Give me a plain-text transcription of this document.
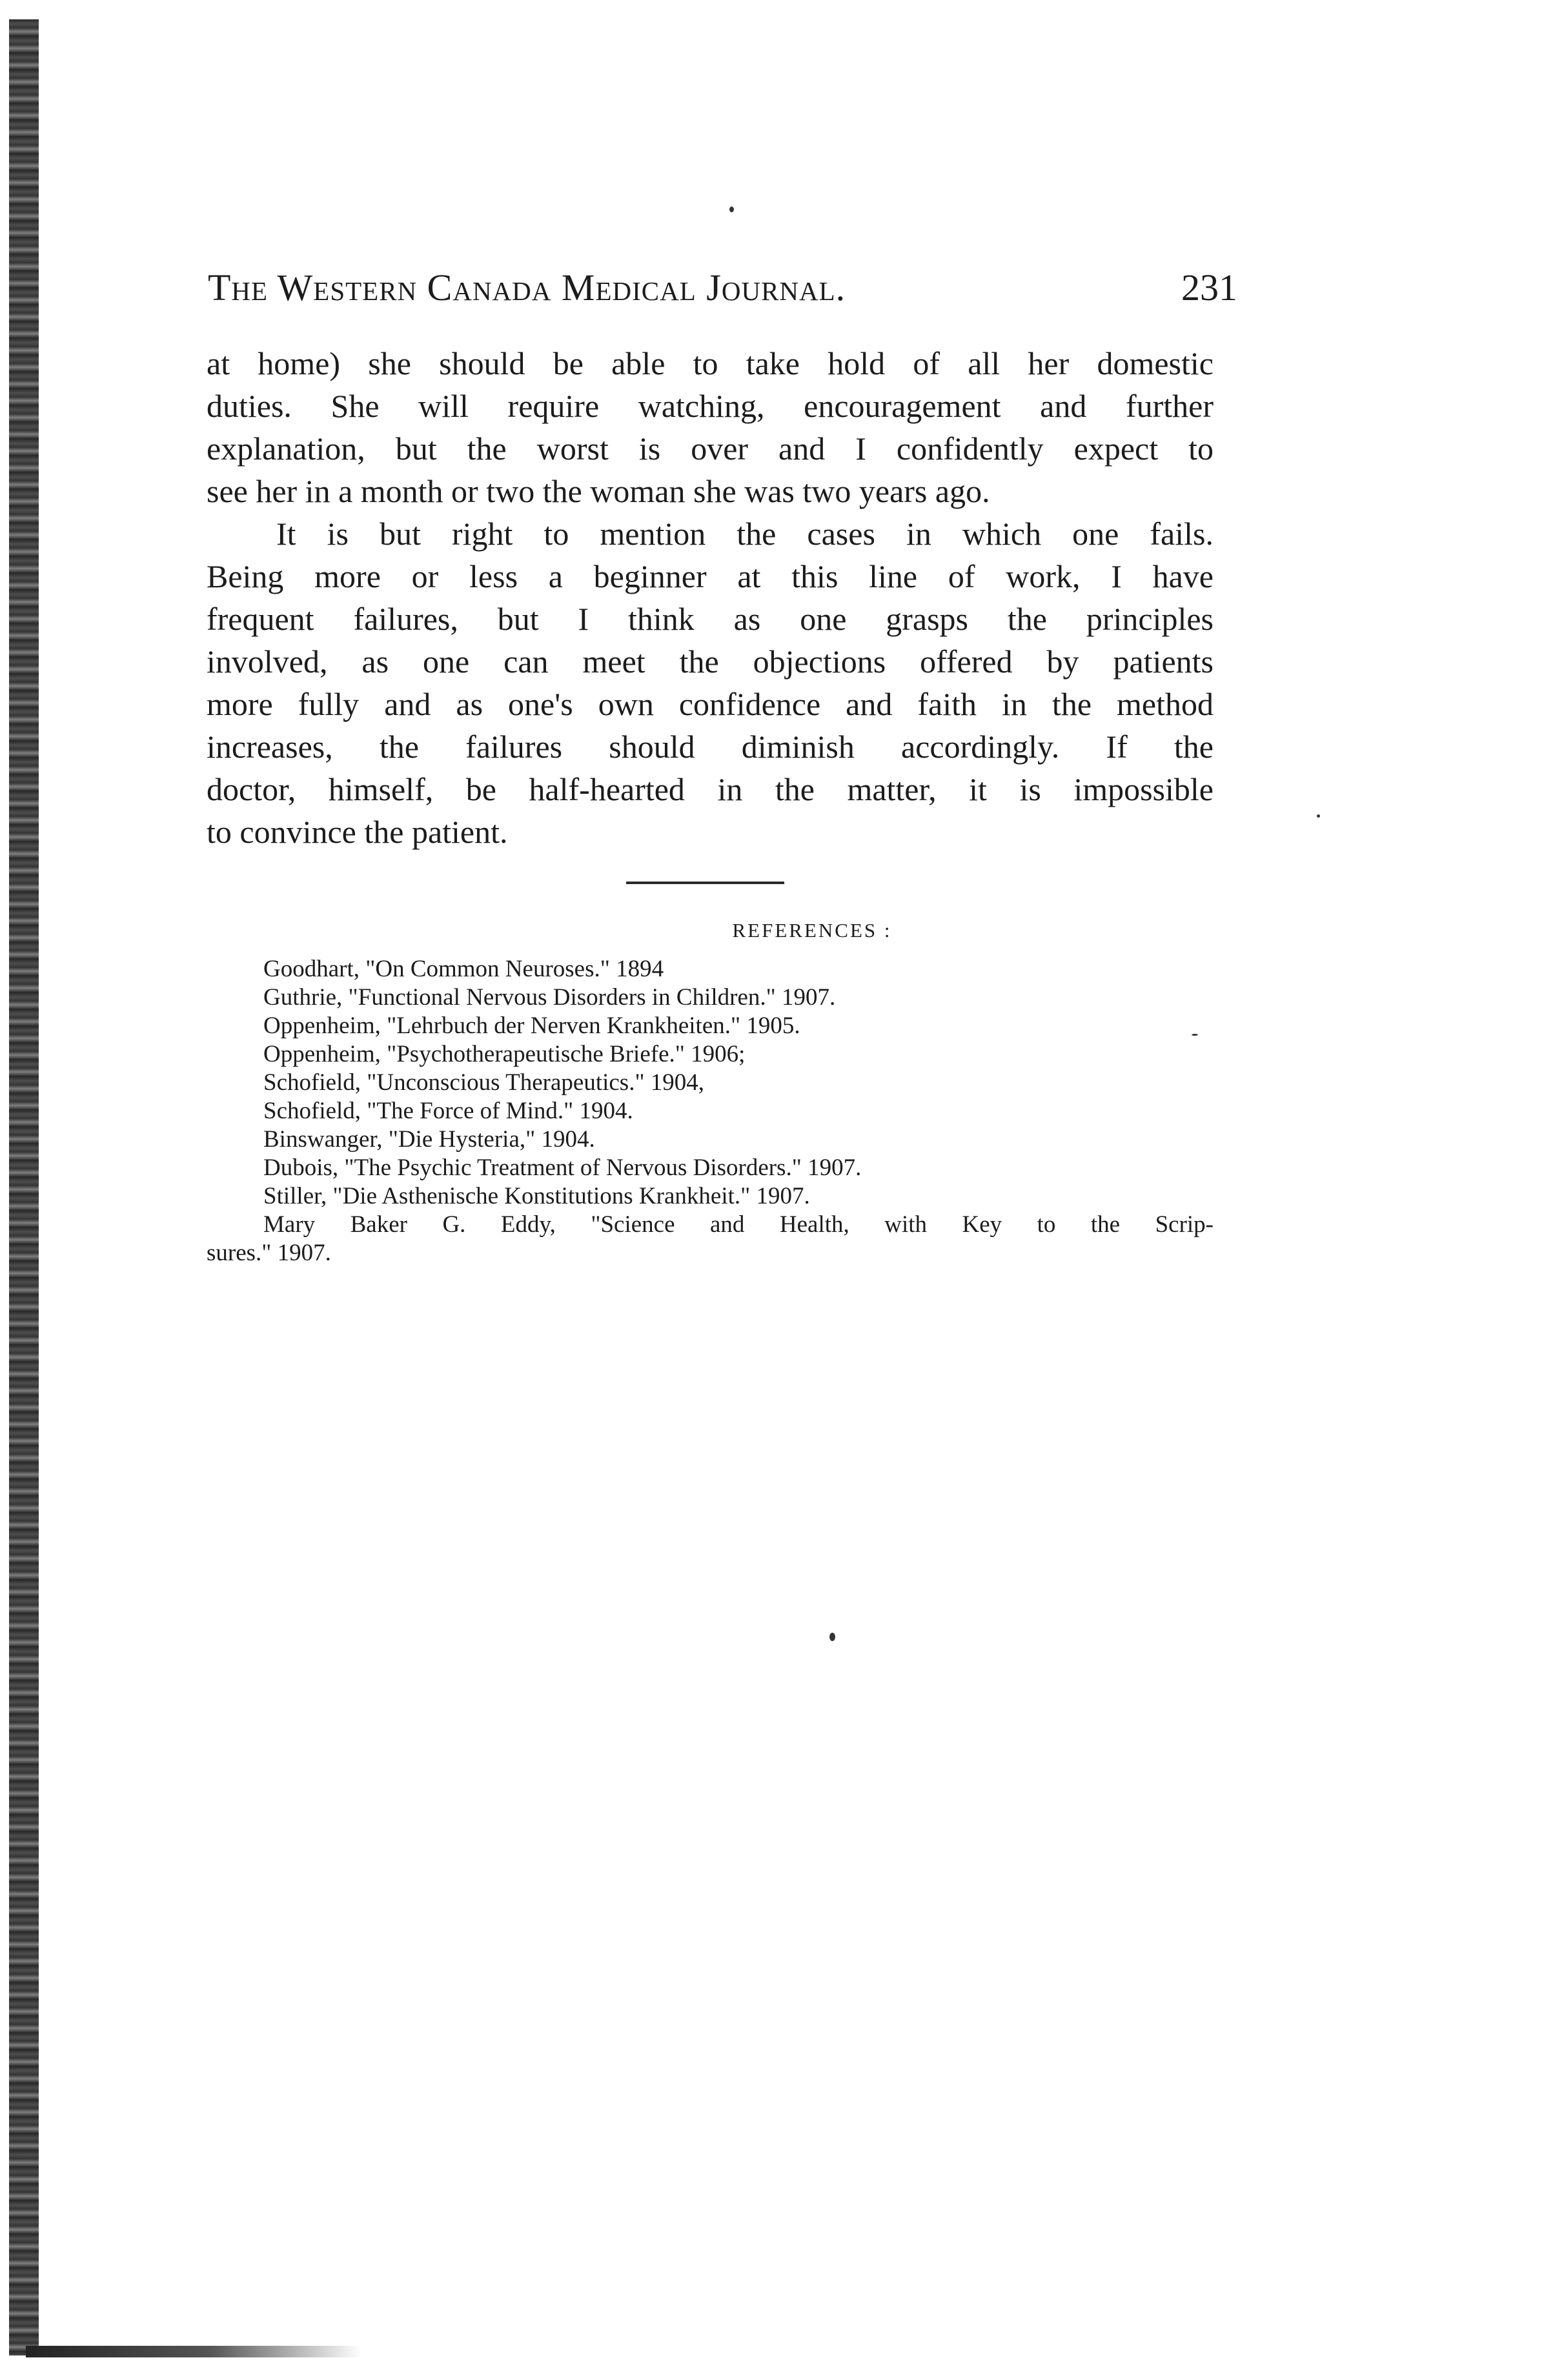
The Western Canada Medical Journal.	231
at home) she should be able to take hold of all her domestic
duties. She will require watching, encouragement and further
explanation, but the worst is over and I confidently expect to
see her in a month or two the woman she was two years ago.
It is but right to mention the cases in which one fails.
Being more or less a beginner at this line of work, I have
frequent failures, but I think as one grasps the principles
involved, as one can meet the objections offered by patients
more fully and as one's own confidence and faith in the method
increases, the failures should diminish accordingly. If the
doctor, himself, be half-hearted in the matter, it is impossible
to convince the patient.
REFERENCES :
Goodhart, "On Common Neuroses." 1894
Guthrie, "Functional Nervous Disorders in Children." 1907.
Oppenheim, "Lehrbuch der Nerven Krankheiten." 1905.
Oppenheim, "Psychotherapeutische Briefe." 1906;
Schofield, "Unconscious Therapeutics." 1904,
Schofield, "The Force of Mind." 1904.
Binswanger, "Die Hysteria," 1904.
Dubois, "The Psychic Treatment of Nervous Disorders." 1907.
Stiller, "Die Asthenische Konstitutions Krankheit." 1907.
Mary Baker G. Eddy, "Science and Health, with Key to the Scrip-
sures." 1907.
